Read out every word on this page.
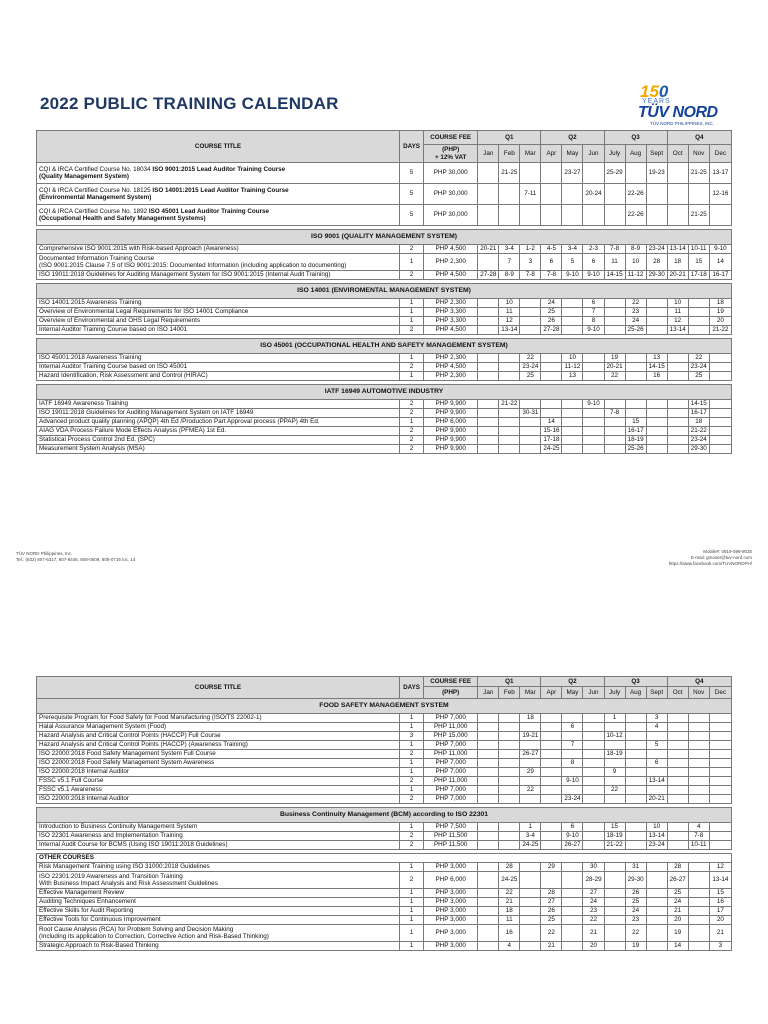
2022 PUBLIC TRAINING CALENDAR
150
YEARS
TÜV NORD
TÜV NORD PHILIPPINES, INC.
COURSE TITLE	DAYS	COURSE FEE	Q1			Q2			Q3			Q4		
		(PHP)
+ 12% VAT	Jan	Feb	Mar	Apr	May	Jun	July	Aug	Sept	Oct	Nov	Dec
CQI & IRCA Certified Course No. 18034 ISO 9001:2015 Lead Auditor Training Course
(Quality Management System)	5	PHP 30,000		21-25			23-27		25-29		19-23		21-25	13-17
CQI & IRCA Certified Course No. 18125 ISO 14001:2015 Lead Auditor Training Course
(Environmental Management System)	5	PHP 30,000			7-11			20-24		22-26				12-16
CQI & IRCA Certified Course No. 1892 ISO 45001 Lead Auditor Training Course
(Occupational Health and Safety Management Systems)	5	PHP 30,000								22-26			21-25	

ISO 9001 (QUALITY MANAGEMENT SYSTEM)														
Comprehensive ISO 9001:2015 with Risk-based Approach (Awareness)	2	PHP 4,500	20-21	3-4	1-2	4-5	3-4	2-3	7-8	8-9	23-24	13-14	10-11	9-10
Documented Information Training Course
(ISO 9001:2015 Clause 7.5 of ISO 9001:2015: Documented Information (including application to documenting)	1	PHP 2,300		7	3	6	5	6	11	10	28	18	15	14
ISO 19011:2018 Guidelines for Auditing Management System for ISO 9001:2015 (Internal Audit Training)	2	PHP 4,500	27-28	8-9	7-8	7-8	9-10	9-10	14-15	11-12	29-30	20-21	17-18	16-17

ISO 14001 (ENVIROMENTAL MANAGEMENT SYSTEM)														
ISO 14001:2015 Awareness Training	1	PHP 2,300		10		24		6		22		10		18
Overview of Environmental Legal Requirements for ISO 14001 Compliance	1	PHP 3,300		11		25		7		23		11		19
Overview of Environmental and OHS Legal Requirements	1	PHP 3,300		12		26		8		24		12		20
Internal Auditor Training Course based on ISO 14001	2	PHP 4,500		13-14		27-28		9-10		25-26		13-14		21-22

ISO 45001 (OCCUPATIONAL HEALTH AND SAFETY MANAGEMENT SYSTEM)														
ISO 45001:2018 Awareness Training	1	PHP 2,300			22		10		19		13		22	
Internal Auditor Training Course based on ISO 45001	2	PHP 4,500			23-24		11-12		20-21		14-15		23-24	
Hazard Identification, Risk Assessment and Control (HIRAC)	1	PHP 2,300			25		13		22		16		25	

IATF 16949 AUTOMOTIVE INDUSTRY														
IATF 16949 Awareness Training	2	PHP 9,900		21-22				9-10					14-15	
ISO 19011:2018 Guidelines for Auditing Management System on IATF 16949	2	PHP 9,900			30-31				7-8				16-17	
Advanced product quality planning (APQP) 4th Ed /Production Part Approval process (PPAP) 4th Ed.	1	PHP 6,000				14				15			18	
AIAG VDA Process Failure Mode Effects Analysis (PFMEA) 1st Ed.	2	PHP 9,900				15-16				16-17			21-22	
Statistical Process Control 2nd Ed. (SPC)	2	PHP 9,900				17-18				18-19			23-24	
Measurement System Analysis (MSA)	2	PHP 9,900				24-25				25-26			29-30	
TÜV NORD Philippines, Inc.
Tel.: (632) 807-6317, 807-8446, 809-0509, 809-0716 loc. 14
Mobile#: 0919-099-9030
E-mail: gmoser@tuv-nord.com
https://www.facebook.com/TUVNORDPH/
COURSE TITLE	DAYS	COURSE FEE	Q1			Q2			Q3			Q4		
		(PHP)	Jan	Feb	Mar	Apr	May	Jun	July	Aug	Sept	Oct	Nov	Dec
FOOD SAFETY MANAGEMENT SYSTEM														
Prerequisite Program for Food Safety for Food Manufacturing (ISO/TS 22002-1)	1	PHP 7,000			18				1		3			
Halal Assurance Management System (Food)	1	PHP 11,000					6				4			
Hazard Analysis and Critical Control Points (HACCP) Full Course	3	PHP 15,000			19-21				10-12					
Hazard Analysis and Critical Control Points (HACCP) (Awareness Training)	1	PHP 7,000					7				5			
ISO 22000:2018 Food Safety Management System Full Course	2	PHP 11,000			26-27				18-19					
ISO 22000:2018 Food Safety Management System Awareness	1	PHP 7,000					8				6			
ISO 22000:2018 Internal Auditor	1	PHP 7,000			29				9					
FSSC v5.1 Full Course	2	PHP 11,000					9-10				13-14			
FSSC v5.1 Awareness	1	PHP 7,000			22				22					
ISO 22000:2018 Internal Auditor	2	PHP 7,000					23-24				20-21			

Business Continuity Management (BCM) according to ISO 22301														
Introduction to Business Continuity Management System	1	PHP 7,500			1		6		15		10		4	
ISO 22301 Awareness and Implementation Training	2	PHP 11,500			3-4		9-10		18-19		13-14		7-8	
Internal Audit Course for BCMS (Using ISO 19011:2018 Guidelines)	2	PHP 11,500			24-25		26-27		21-22		23-24		10-11	

OTHER COURSES														
Risk Management Training using ISO 31000:2018 Guidelines	1	PHP 3,000		28		29		30		31		28		12
ISO 22301:2019 Awareness and Transition Training
With Business Impact Analysis and Risk Assessment Guidelines	2	PHP 6,000		24-25				28-29		29-30		26-27		13-14
Effective Management Review	1	PHP 3,000		22		28		27		26		25		15
Auditing Techniques Enhancement	1	PHP 3,000		21		27		24		25		24		16
Effective Skills for Audit Reporting	1	PHP 3,000		18		26		23		24		21		17
Effective Tools for Continuous Improvement	1	PHP 3,000		11		25		22		23		20		20
Root Cause Analysis (RCA) for Problem Solving and Decision Making
(Including its application to Correction, Corrective Action and Risk-Based Thinking)	1	PHP 3,000		16		22		21		22		19		21
Strategic Approach to Risk-Based Thinking	1	PHP 3,000		4		21		20		19		14		3
